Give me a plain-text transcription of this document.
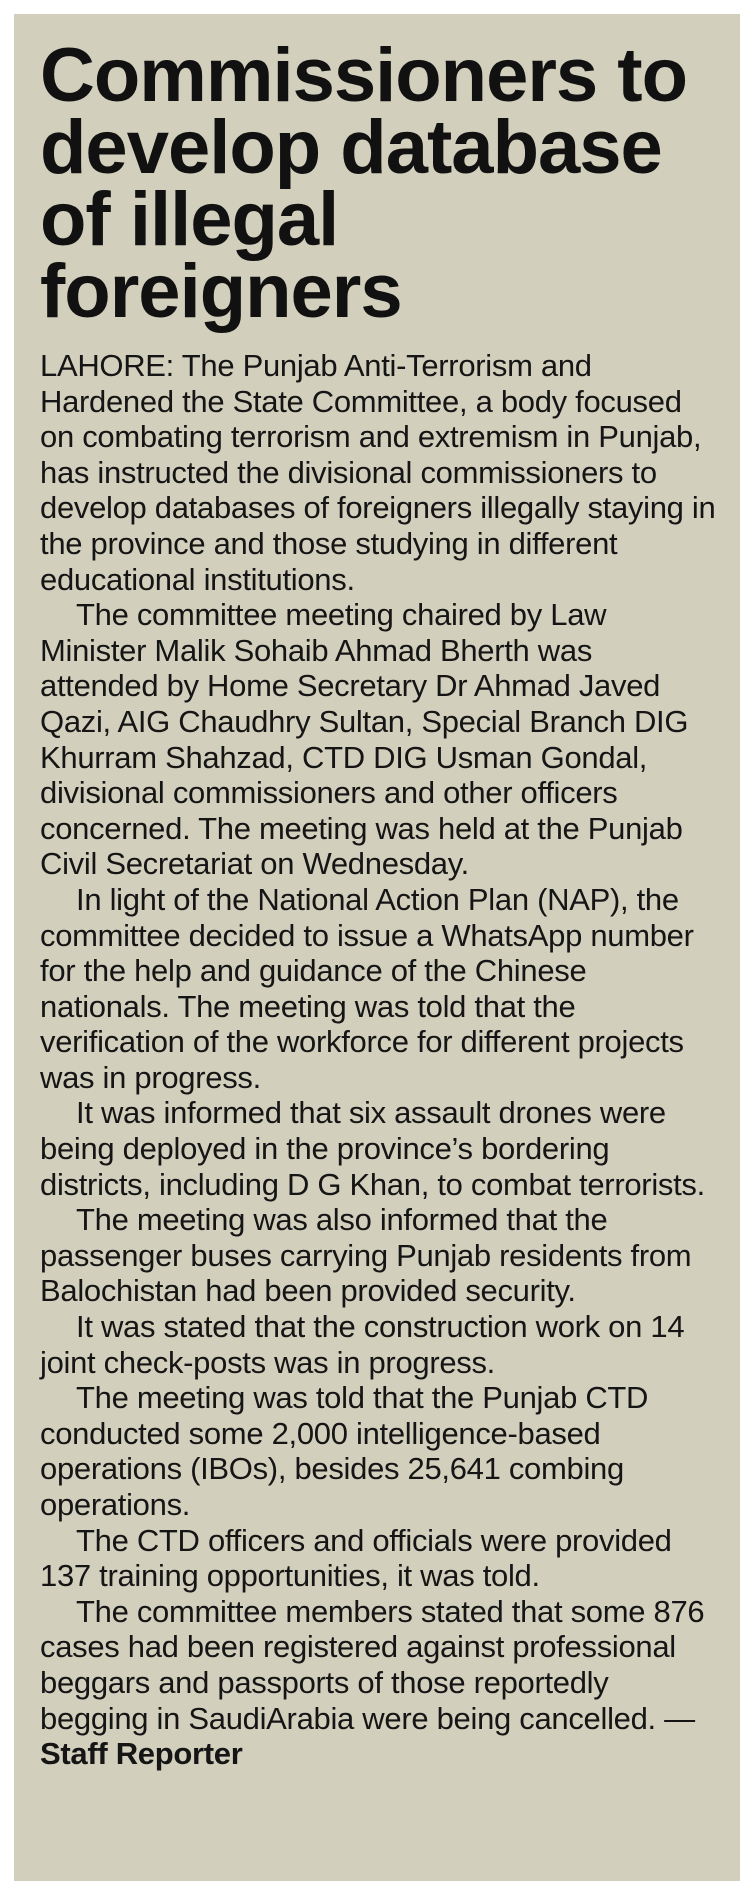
Commissioners to develop database of illegal foreigners

LAHORE: The Punjab Anti-Terrorism and Hardened the State Committee, a body focused on combating terrorism and extremism in Punjab, has instructed the divisional commissioners to develop databases of foreigners illegally staying in the province and those studying in different educational institutions.

The committee meeting chaired by Law Minister Malik Sohaib Ahmad Bherth was attended by Home Secretary Dr Ahmad Javed Qazi, AIG Chaudhry Sultan, Special Branch DIG Khurram Shahzad, CTD DIG Usman Gondal, divisional commissioners and other officers concerned. The meeting was held at the Punjab Civil Secretariat on Wednesday.

In light of the National Action Plan (NAP), the committee decided to issue a WhatsApp number for the help and guidance of the Chinese nationals. The meeting was told that the verification of the workforce for different projects was in progress.

It was informed that six assault drones were being deployed in the province’s bordering districts, including D G Khan, to combat terrorists.

The meeting was also informed that the passenger buses carrying Punjab residents from Balochistan had been provided security.

It was stated that the construction work on 14 joint check-posts was in progress.

The meeting was told that the Punjab CTD conducted some 2,000 intelligence-based operations (IBOs), besides 25,641 combing operations.

The CTD officers and officials were provided 137 training opportunities, it was told.

The committee members stated that some 876 cases had been registered against professional beggars and passports of those reportedly begging in SaudiArabia were being cancelled. — Staff Reporter
